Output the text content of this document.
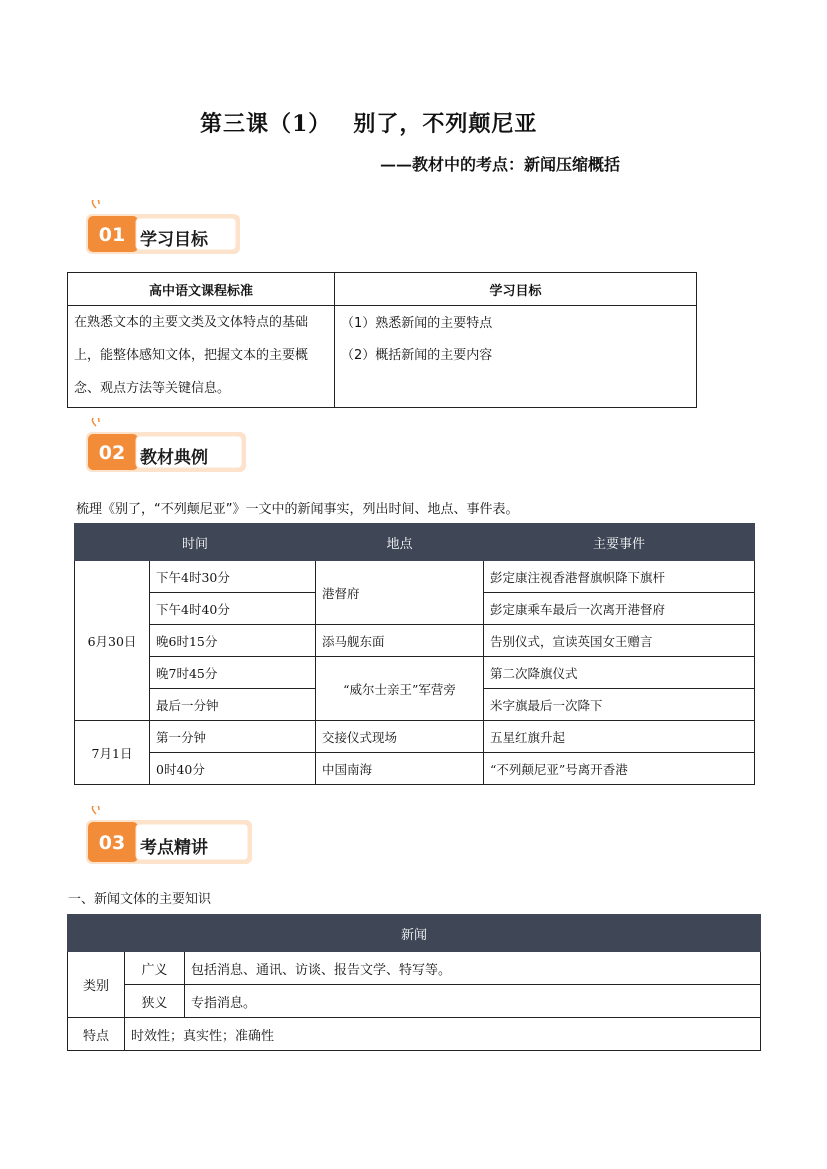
第三课（1） 别了，不列颠尼亚
——教材中的考点：新闻压缩概括
01 学习目标
高中语文课程标准	学习目标
在熟悉文本的主要文类及文体特点的基础上，能整体感知文体，把握文本的主要概念、观点方法等关键信息。	（1）熟悉新闻的主要特点
（2）概括新闻的主要内容
02 教材典例
梳理《别了，“不列颠尼亚”》一文中的新闻事实，列出时间、地点、事件表。
时间		地点	主要事件
6月30日	下午4时30分	港督府	彭定康注视香港督旗帜降下旗杆
	下午4时40分		彭定康乘车最后一次离开港督府
	晚6时15分	添马舰东面	告别仪式，宣读英国女王赠言
	晚7时45分	“威尔士亲王”军营旁	第二次降旗仪式
	最后一分钟		米字旗最后一次降下
7月1日	第一分钟	交接仪式现场	五星红旗升起
	0时40分	中国南海	“不列颠尼亚”号离开香港
03 考点精讲
一、新闻文体的主要知识
新闻		
类别	广义	包括消息、通讯、访谈、报告文学、特写等。
	狭义	专指消息。
特点	时效性；真实性；准确性	
